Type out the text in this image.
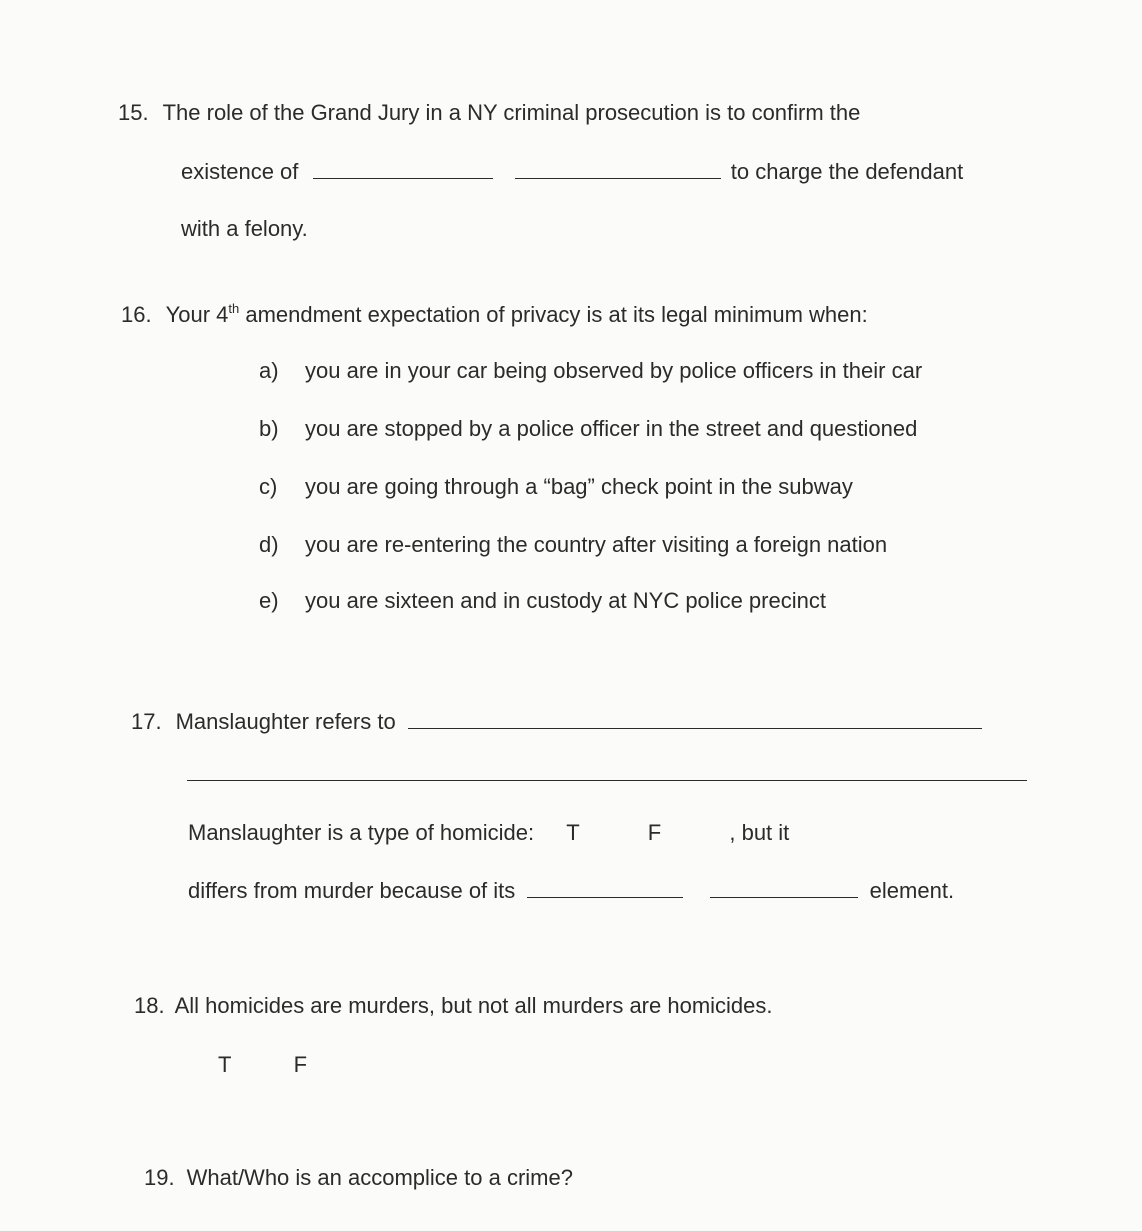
15. The role of the Grand Jury in a NY criminal prosecution is to confirm the
existence of	to charge the defendant
with a felony.
16. Your 4th amendment expectation of privacy is at its legal minimum when:
a) you are in your car being observed by police officers in their car
b) you are stopped by a police officer in the street and questioned
c) you are going through a “bag” check point in the subway
d) you are re-entering the country after visiting a foreign nation
e) you are sixteen and in custody at NYC police precinct
17. Manslaughter refers to
Manslaughter is a type of homicide: T	F	, but it
differs from murder because of its	element.
18. All homicides are murders, but not all murders are homicides.
T	F
19. What/Who is an accomplice to a crime?
